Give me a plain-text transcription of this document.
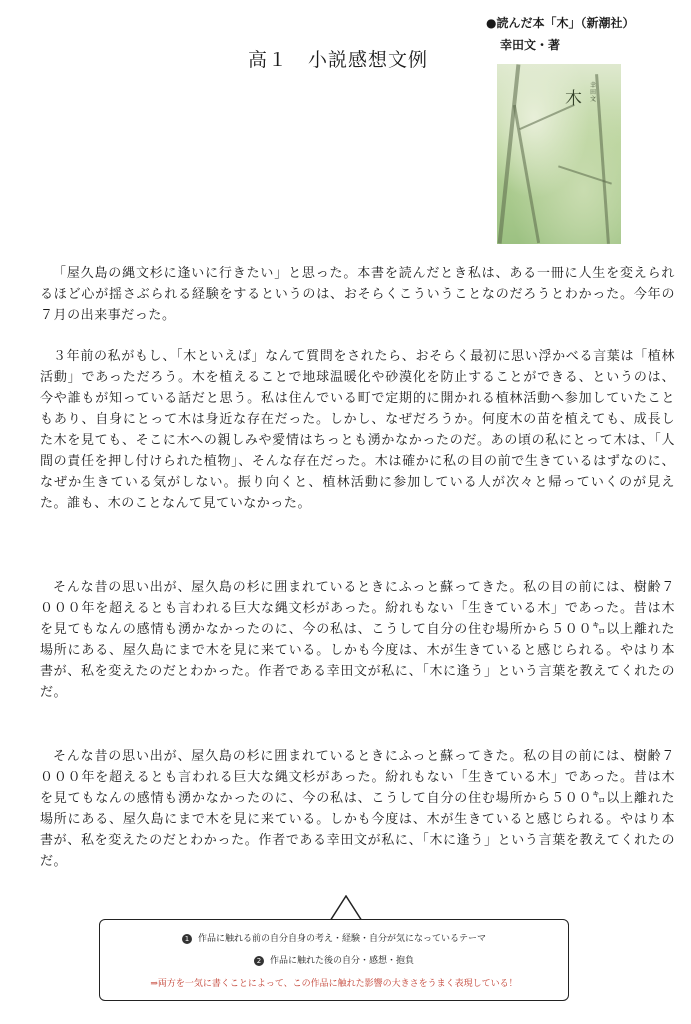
高１　小説感想文例
●読んだ本「木」（新潮社）
幸田文・著
木
幸田文

「屋久島の縄文杉に逢いに行きたい」と思った。本書を読んだとき私は、ある一冊に人生を変えられるほど心が揺さぶられる経験をするというのは、おそらくこういうことなのだろうとわかった。今年の７月の出来事だった。

３年前の私がもし、「木といえば」なんて質問をされたら、おそらく最初に思い浮かべる言葉は「植林活動」であっただろう。木を植えることで地球温暖化や砂漠化を防止することができる、というのは、今や誰もが知っている話だと思う。私は住んでいる町で定期的に開かれる植林活動へ参加していたこともあり、自身にとって木は身近な存在だった。しかし、なぜだろうか。何度木の苗を植えても、成長した木を見ても、そこに木への親しみや愛情はちっとも湧かなかったのだ。あの頃の私にとって木は、「人間の責任を押し付けられた植物」、そんな存在だった。木は確かに私の目の前で生きているはずなのに、なぜか生きている気がしない。振り向くと、植林活動に参加している人が次々と帰っていくのが見えた。誰も、木のことなんて見ていなかった。

そんな昔の思い出が、屋久島の杉に囲まれているときにふっと蘇ってきた。私の目の前には、樹齢７０００年を超えるとも言われる巨大な縄文杉があった。紛れもない「生きている木」であった。昔は木を見てもなんの感情も湧かなかったのに、今の私は、こうして自分の住む場所から５００㌔以上離れた場所にある、屋久島にまで木を見に来ている。しかも今度は、木が生きていると感じられる。やはり本書が、私を変えたのだとわかった。作者である幸田文が私に、「木に逢う」という言葉を教えてくれたのだ。

そんな昔の思い出が、屋久島の杉に囲まれているときにふっと蘇ってきた。私の目の前には、樹齢７０００年を超えるとも言われる巨大な縄文杉があった。紛れもない「生きている木」であった。昔は木を見てもなんの感情も湧かなかったのに、今の私は、こうして自分の住む場所から５００㌔以上離れた場所にある、屋久島にまで木を見に来ている。しかも今度は、木が生きていると感じられる。やはり本書が、私を変えたのだとわかった。作者である幸田文が私に、「木に逢う」という言葉を教えてくれたのだ。

1 作品に触れる前の自分自身の考え・経験・自分が気になっているテーマ
2 作品に触れた後の自分・感想・抱負
⇒両方を一気に書くことによって、この作品に触れた影響の大きさをうまく表現している！
